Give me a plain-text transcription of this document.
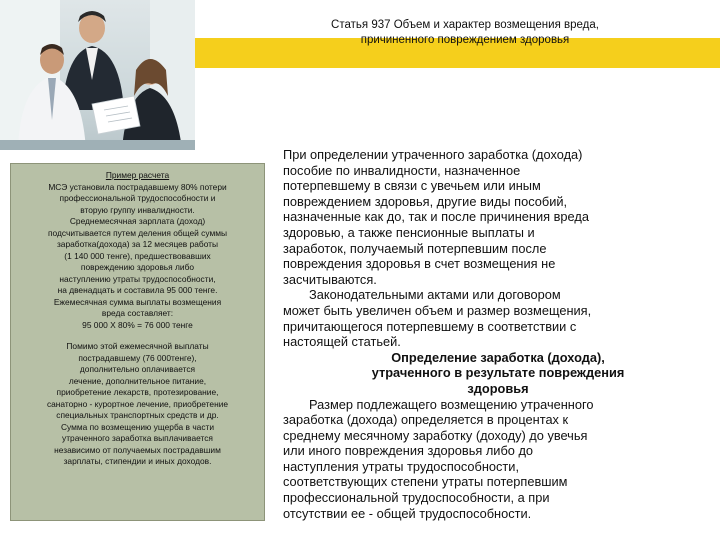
Статья 937 Объем и характер возмещения вреда,
причиненного повреждением здоровья

Пример расчета

МСЭ установила пострадавшему 80% потери

профессиональной трудоспособности и

вторую группу инвалидности.

Среднемесячная зарплата (доход)

подсчитывается путем деления общей суммы

заработка(дохода) за 12 месяцев работы

(1 140 000 тенге), предшествовавших

повреждению здоровья либо

наступлению утраты трудоспособности,

на двенадцать и составила 95 000 тенге.

Ежемесячная сумма выплаты возмещения

вреда составляет:

95 000 Х 80% = 76 000 тенге

Помимо этой ежемесячной выплаты

пострадавшему (76 000тенге),

дополнительно оплачивается

лечение, дополнительное питание,

приобретение лекарств, протезирование,

санаторно - курортное лечение, приобретение

специальных транспортных средств и др.

Сумма по возмещению ущерба в части

утраченного заработка выплачивается

независимо от получаемых пострадавшим

зарплаты, стипендии и иных доходов.

При определении утраченного заработка (дохода)

пособие по инвалидности, назначенное

потерпевшему в связи с увечьем или иным

повреждением здоровья, другие виды пособий,

назначенные как до, так и после причинения вреда

здоровью, а также пенсионные выплаты и

заработок, получаемый потерпевшим после

повреждения здоровья в счет возмещения не

засчитываются.

Законодательными актами или договором

может быть увеличен объем и размер возмещения,

причитающегося потерпевшему в соответствии с

настоящей статьей.

Определение заработка (дохода),

утраченного в результате повреждения

здоровья

Размер подлежащего возмещению утраченного

заработка (дохода) определяется в процентах к

среднему месячному заработку (доходу) до увечья

или иного повреждения здоровья либо до

наступления утраты трудоспособности,

соответствующих степени утраты потерпевшим

профессиональной трудоспособности, а при

отсутствии ее - общей трудоспособности.
